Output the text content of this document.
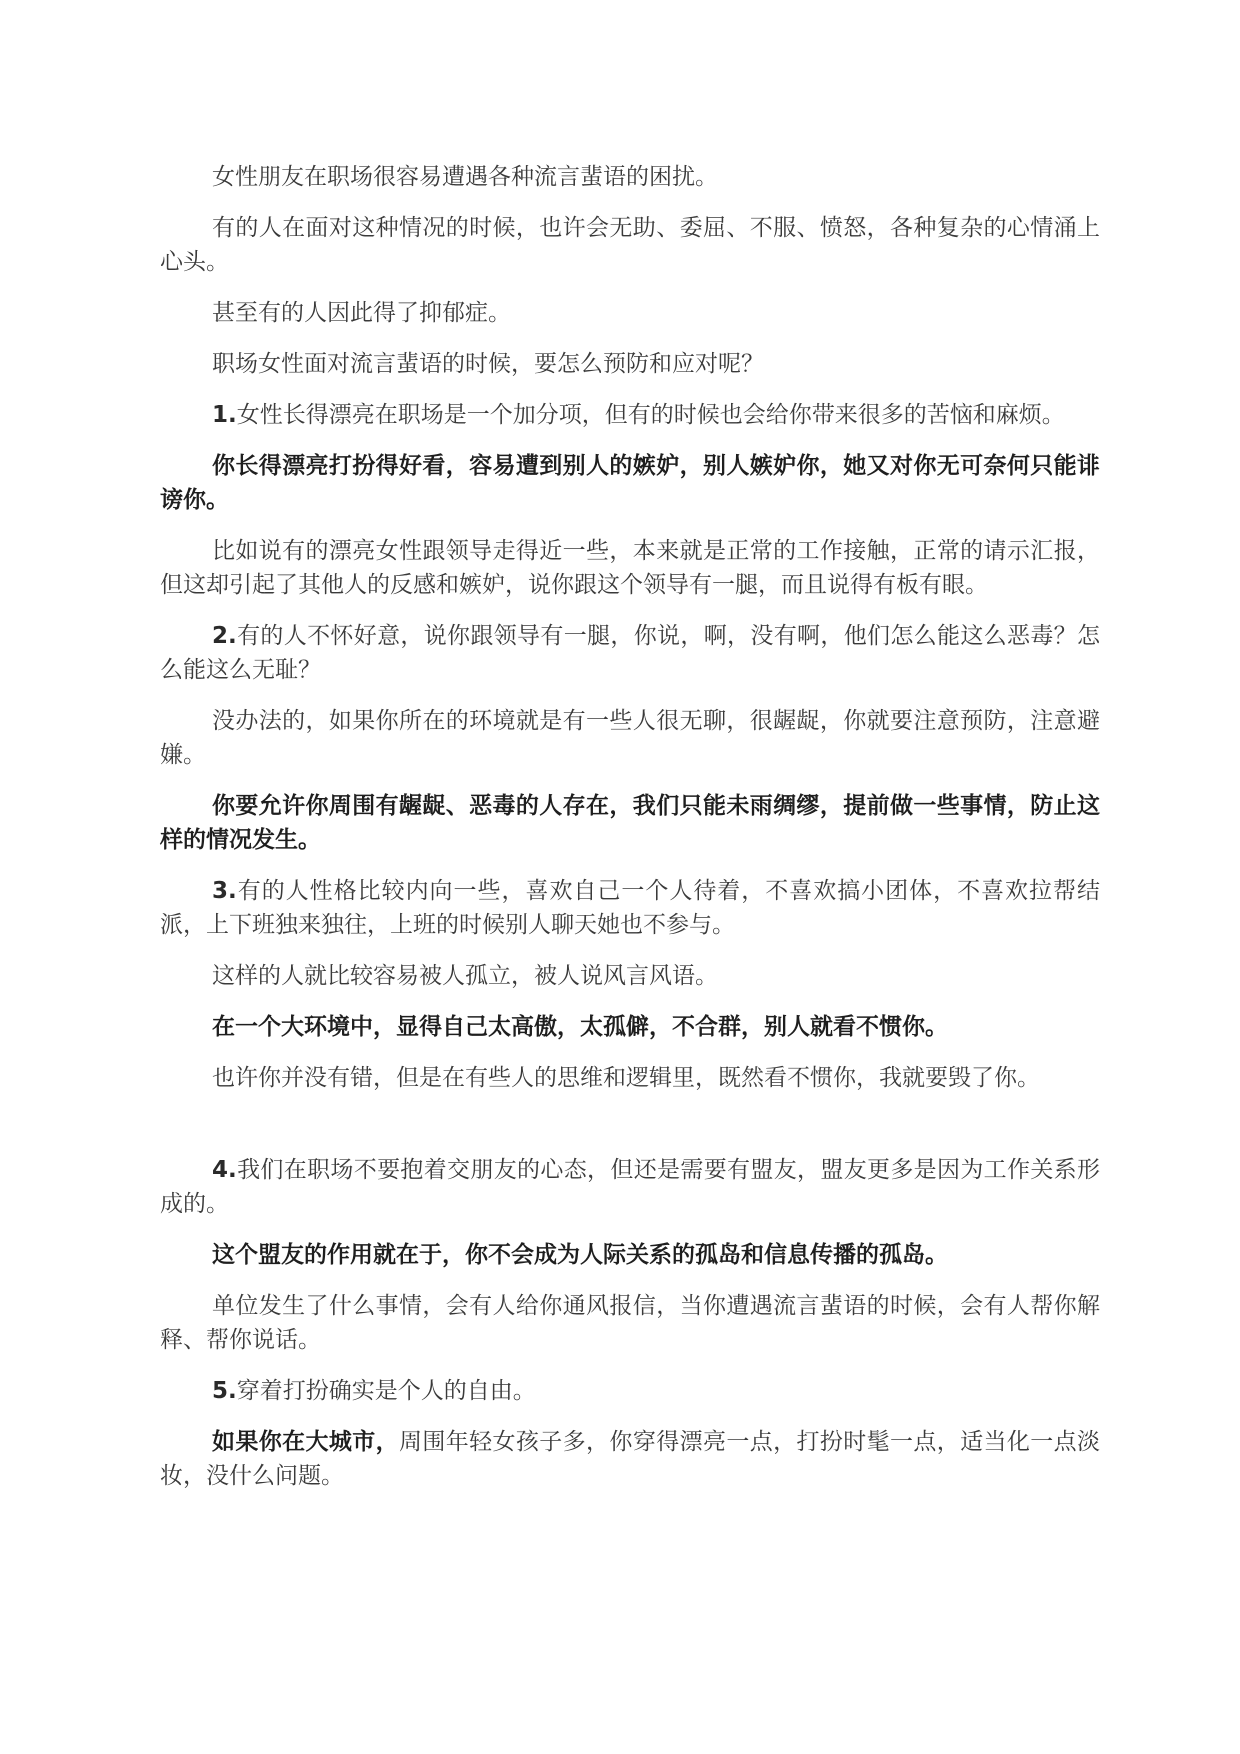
女性朋友在职场很容易遭遇各种流言蜚语的困扰。

有的人在面对这种情况的时候，也许会无助、委屈、不服、愤怒，各种复杂的心情涌上心头。

甚至有的人因此得了抑郁症。

职场女性面对流言蜚语的时候，要怎么预防和应对呢？

1.女性长得漂亮在职场是一个加分项，但有的时候也会给你带来很多的苦恼和麻烦。

你长得漂亮打扮得好看，容易遭到别人的嫉妒，别人嫉妒你，她又对你无可奈何只能诽谤你。

比如说有的漂亮女性跟领导走得近一些，本来就是正常的工作接触，正常的请示汇报，但这却引起了其他人的反感和嫉妒，说你跟这个领导有一腿，而且说得有板有眼。

2.有的人不怀好意，说你跟领导有一腿，你说，啊，没有啊，他们怎么能这么恶毒？怎么能这么无耻？

没办法的，如果你所在的环境就是有一些人很无聊，很龌龊，你就要注意预防，注意避嫌。

你要允许你周围有龌龊、恶毒的人存在，我们只能未雨绸缪，提前做一些事情，防止这样的情况发生。

3.有的人性格比较内向一些，喜欢自己一个人待着，不喜欢搞小团体，不喜欢拉帮结派，上下班独来独往，上班的时候别人聊天她也不参与。

这样的人就比较容易被人孤立，被人说风言风语。

在一个大环境中，显得自己太高傲，太孤僻，不合群，别人就看不惯你。

也许你并没有错，但是在有些人的思维和逻辑里，既然看不惯你，我就要毁了你。

4.我们在职场不要抱着交朋友的心态，但还是需要有盟友，盟友更多是因为工作关系形成的。

这个盟友的作用就在于，你不会成为人际关系的孤岛和信息传播的孤岛。

单位发生了什么事情，会有人给你通风报信，当你遭遇流言蜚语的时候，会有人帮你解释、帮你说话。

5.穿着打扮确实是个人的自由。

如果你在大城市，周围年轻女孩子多，你穿得漂亮一点，打扮时髦一点，适当化一点淡妆，没什么问题。
